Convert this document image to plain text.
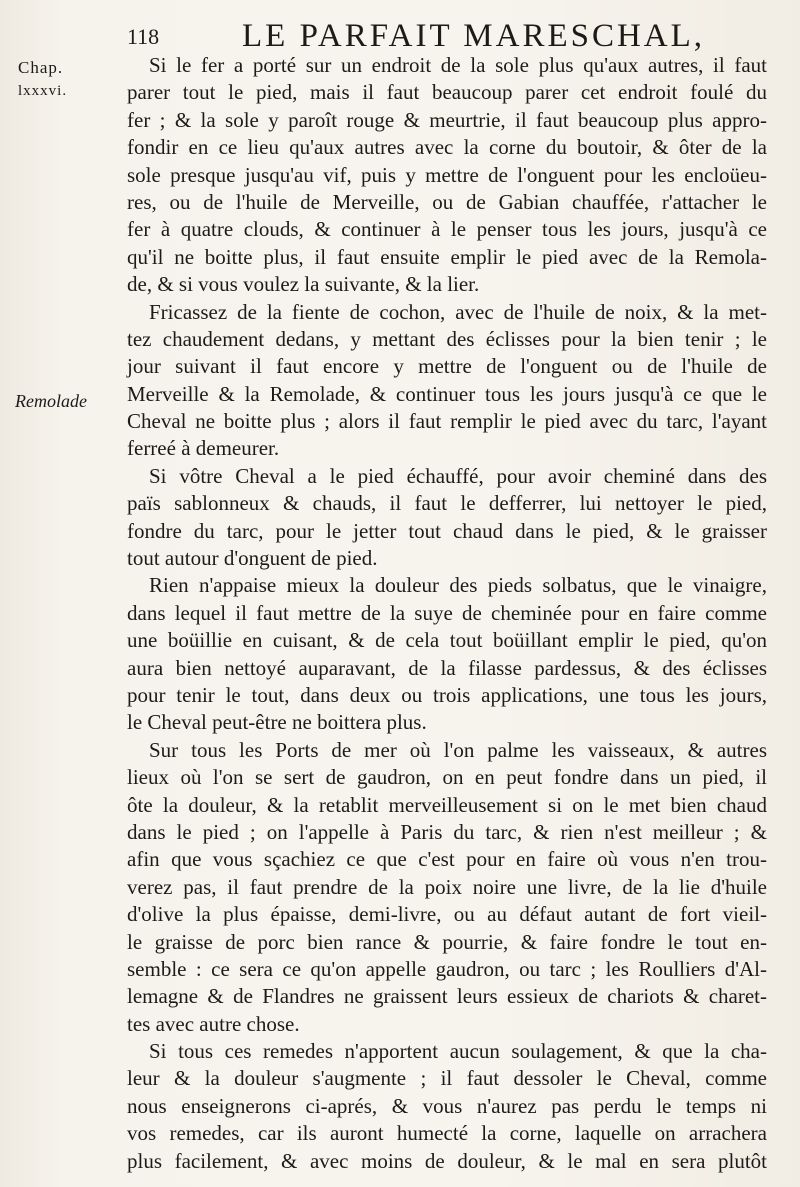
118	LE PARFAIT MARESCHAL,
Chap.
lxxxvi.
Remolade
Si le fer a porté sur un endroit de la sole plus qu'aux autres, il faut
parer tout le pied, mais il faut beaucoup parer cet endroit foulé du
fer ; & la sole y paroît rouge & meurtrie, il faut beaucoup plus appro-
fondir en ce lieu qu'aux autres avec la corne du boutoir, & ôter de la
sole presque jusqu'au vif, puis y mettre de l'onguent pour les encloüeu-
res, ou de l'huile de Merveille, ou de Gabian chauffée, r'attacher le
fer à quatre clouds, & continuer à le penser tous les jours, jusqu'à ce
qu'il ne boitte plus, il faut ensuite emplir le pied avec de la Remola-
de, & si vous voulez la suivante, & la lier.
Fricassez de la fiente de cochon, avec de l'huile de noix, & la met-
tez chaudement dedans, y mettant des éclisses pour la bien tenir ; le
jour suivant il faut encore y mettre de l'onguent ou de l'huile de
Merveille & la Remolade, & continuer tous les jours jusqu'à ce que le
Cheval ne boitte plus ; alors il faut remplir le pied avec du tarc, l'ayant
ferreé à demeurer.
Si vôtre Cheval a le pied échauffé, pour avoir cheminé dans des
païs sablonneux & chauds, il faut le defferrer, lui nettoyer le pied,
fondre du tarc, pour le jetter tout chaud dans le pied, & le graisser
tout autour d'onguent de pied.
Rien n'appaise mieux la douleur des pieds solbatus, que le vinaigre,
dans lequel il faut mettre de la suye de cheminée pour en faire comme
une boüillie en cuisant, & de cela tout boüillant emplir le pied, qu'on
aura bien nettoyé auparavant, de la filasse pardessus, & des éclisses
pour tenir le tout, dans deux ou trois applications, une tous les jours,
le Cheval peut-être ne boittera plus.
Sur tous les Ports de mer où l'on palme les vaisseaux, & autres
lieux où l'on se sert de gaudron, on en peut fondre dans un pied, il
ôte la douleur, & la retablit merveilleusement si on le met bien chaud
dans le pied ; on l'appelle à Paris du tarc, & rien n'est meilleur ; &
afin que vous sçachiez ce que c'est pour en faire où vous n'en trou-
verez pas, il faut prendre de la poix noire une livre, de la lie d'huile
d'olive la plus épaisse, demi-livre, ou au défaut autant de fort vieil-
le graisse de porc bien rance & pourrie, & faire fondre le tout en-
semble : ce sera ce qu'on appelle gaudron, ou tarc ; les Roulliers d'Al-
lemagne & de Flandres ne graissent leurs essieux de chariots & charet-
tes avec autre chose.
Si tous ces remedes n'apportent aucun soulagement, & que la cha-
leur & la douleur s'augmente ; il faut dessoler le Cheval, comme
nous enseignerons ci-aprés, & vous n'aurez pas perdu le temps ni
vos remedes, car ils auront humecté la corne, laquelle on arrachera
plus facilement, & avec moins de douleur, & le mal en sera plutôt
